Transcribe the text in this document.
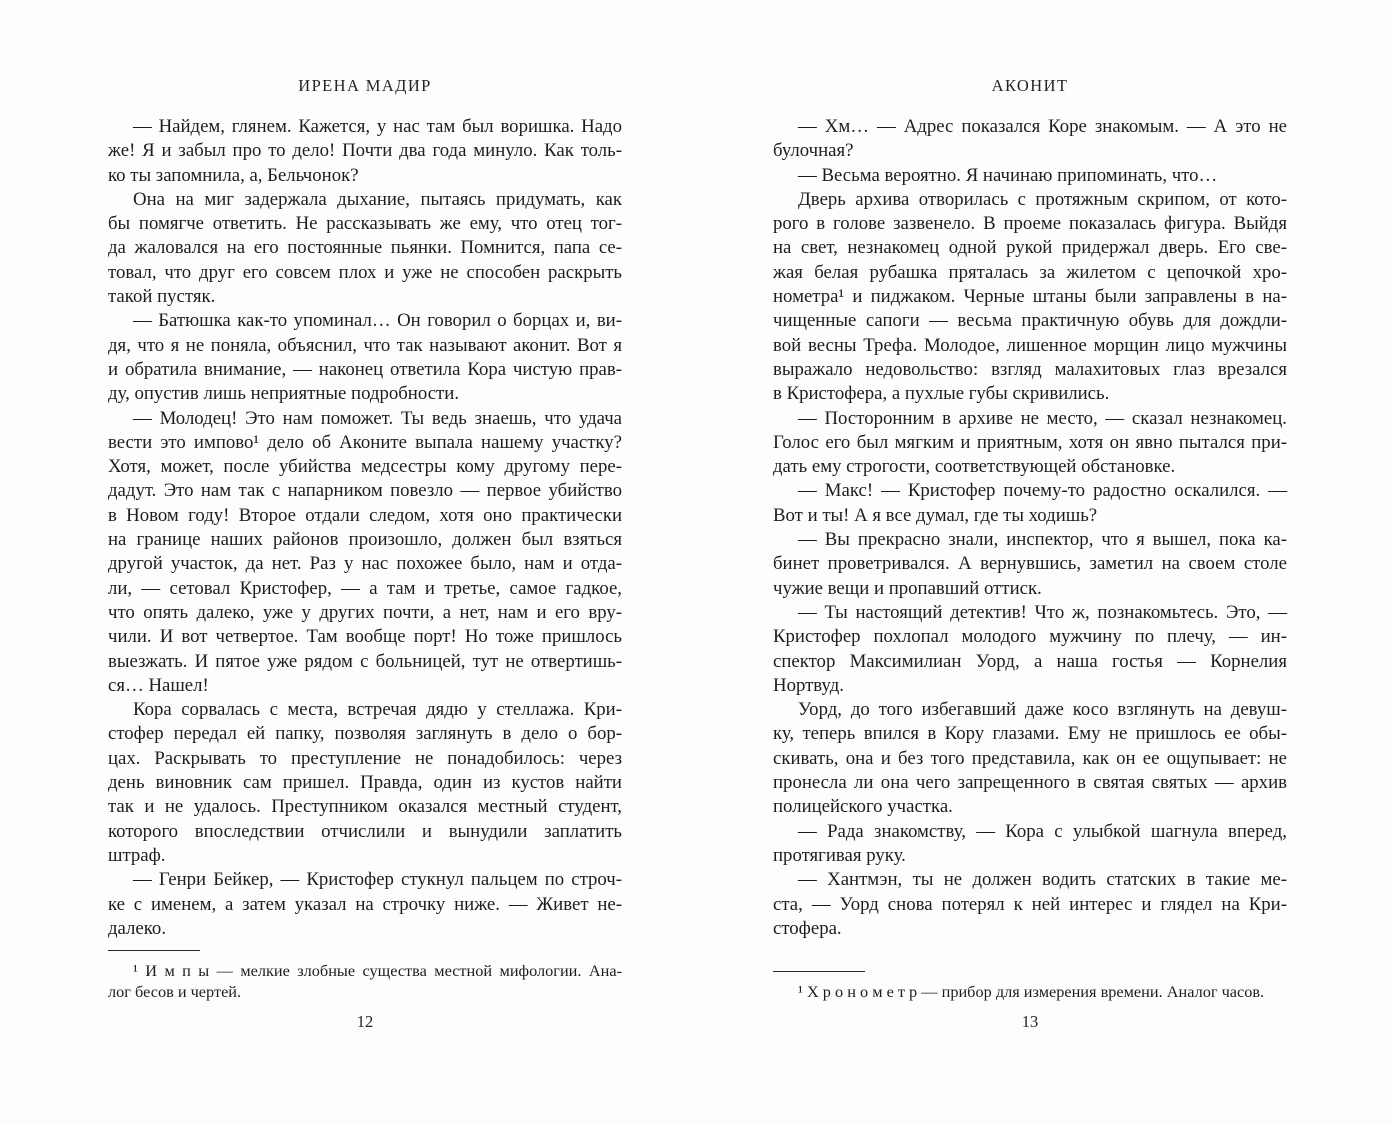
ИРЕНА МАДИР
— Найдем, глянем. Кажется, у нас там был воришка. Надо
же! Я и забыл про то дело! Почти два года минуло. Как толь-
ко ты запомнила, а, Бельчонок?
Она на миг задержала дыхание, пытаясь придумать, как
бы помягче ответить. Не рассказывать же ему, что отец тог-
да жаловался на его постоянные пьянки. Помнится, папа се-
товал, что друг его совсем плох и уже не способен раскрыть
такой пустяк.
— Батюшка как-то упоминал… Он говорил о борцах и, ви-
дя, что я не поняла, объяснил, что так называют аконит. Вот я
и обратила внимание, — наконец ответила Кора чистую прав-
ду, опустив лишь неприятные подробности.
— Молодец! Это нам поможет. Ты ведь знаешь, что удача
вести это импово¹ дело об Аконите выпала нашему участку?
Хотя, может, после убийства медсестры кому другому пере-
дадут. Это нам так с напарником повезло — первое убийство
в Новом году! Второе отдали следом, хотя оно практически
на границе наших районов произошло, должен был взяться
другой участок, да нет. Раз у нас похожее было, нам и отда-
ли, — сетовал Кристофер, — а там и третье, самое гадкое,
что опять далеко, уже у других почти, а нет, нам и его вру-
чили. И вот четвертое. Там вообще порт! Но тоже пришлось
выезжать. И пятое уже рядом с больницей, тут не отвертишь-
ся… Нашел!
Кора сорвалась с места, встречая дядю у стеллажа. Кри-
стофер передал ей папку, позволяя заглянуть в дело о бор-
цах. Раскрывать то преступление не понадобилось: через
день виновник сам пришел. Правда, один из кустов найти
так и не удалось. Преступником оказался местный студент,
которого впоследствии отчислили и вынудили заплатить
штраф.
— Генри Бейкер, — Кристофер стукнул пальцем по строч-
ке с именем, а затем указал на строчку ниже. — Живет не-
далеко.
¹ И м п ы — мелкие злобные существа местной мифологии. Ана-
лог бесов и чертей.
12
АКОНИТ
— Хм… — Адрес показался Коре знакомым. — А это не
булочная?
— Весьма вероятно. Я начинаю припоминать, что…
Дверь архива отворилась с протяжным скрипом, от кото-
рого в голове зазвенело. В проеме показалась фигура. Выйдя
на свет, незнакомец одной рукой придержал дверь. Его све-
жая белая рубашка пряталась за жилетом с цепочкой хро-
нометра¹ и пиджаком. Черные штаны были заправлены в на-
чищенные сапоги — весьма практичную обувь для дождли-
вой весны Трефа. Молодое, лишенное морщин лицо мужчины
выражало недовольство: взгляд малахитовых глаз врезался
в Кристофера, а пухлые губы скривились.
— Посторонним в архиве не место, — сказал незнакомец.
Голос его был мягким и приятным, хотя он явно пытался при-
дать ему строгости, соответствующей обстановке.
— Макс! — Кристофер почему-то радостно оскалился. —
Вот и ты! А я все думал, где ты ходишь?
— Вы прекрасно знали, инспектор, что я вышел, пока ка-
бинет проветривался. А вернувшись, заметил на своем столе
чужие вещи и пропавший оттиск.
— Ты настоящий детектив! Что ж, познакомьтесь. Это, —
Кристофер похлопал молодого мужчину по плечу, — ин-
спектор Максимилиан Уорд, а наша гостья — Корнелия
Нортвуд.
Уорд, до того избегавший даже косо взглянуть на девуш-
ку, теперь впился в Кору глазами. Ему не пришлось ее обы-
скивать, она и без того представила, как он ее ощупывает: не
пронесла ли она чего запрещенного в святая святых — архив
полицейского участка.
— Рада знакомству, — Кора с улыбкой шагнула вперед,
протягивая руку.
— Хантмэн, ты не должен водить статских в такие ме-
ста, — Уорд снова потерял к ней интерес и глядел на Кри-
стофера.
¹ Х р о н о м е т р — прибор для измерения времени. Аналог часов.
13
